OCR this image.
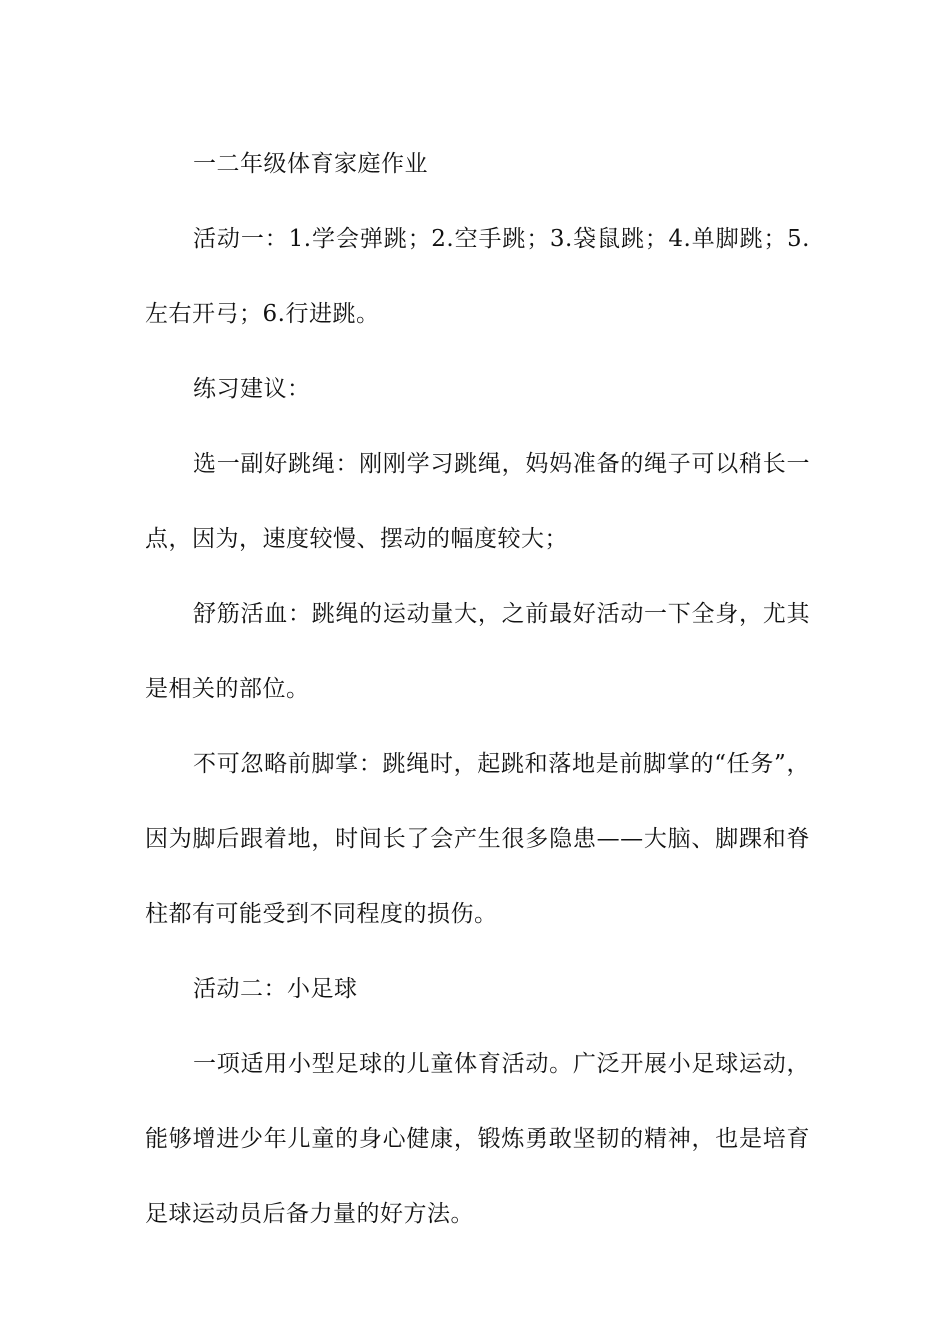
一二年级体育家庭作业

活动一：1.学会弹跳；2.空手跳；3.袋鼠跳；4.单脚跳；5.左右开弓；6.行进跳。

练习建议：

选一副好跳绳：刚刚学习跳绳，妈妈准备的绳子可以稍长一点，因为，速度较慢、摆动的幅度较大；

舒筋活血：跳绳的运动量大，之前最好活动一下全身，尤其是相关的部位。

不可忽略前脚掌：跳绳时，起跳和落地是前脚掌的“任务”，因为脚后跟着地，时间长了会产生很多隐患——大脑、脚踝和脊柱都有可能受到不同程度的损伤。

活动二：小足球

一项适用小型足球的儿童体育活动。广泛开展小足球运动，能够增进少年儿童的身心健康，锻炼勇敢坚韧的精神，也是培育足球运动员后备力量的好方法。
